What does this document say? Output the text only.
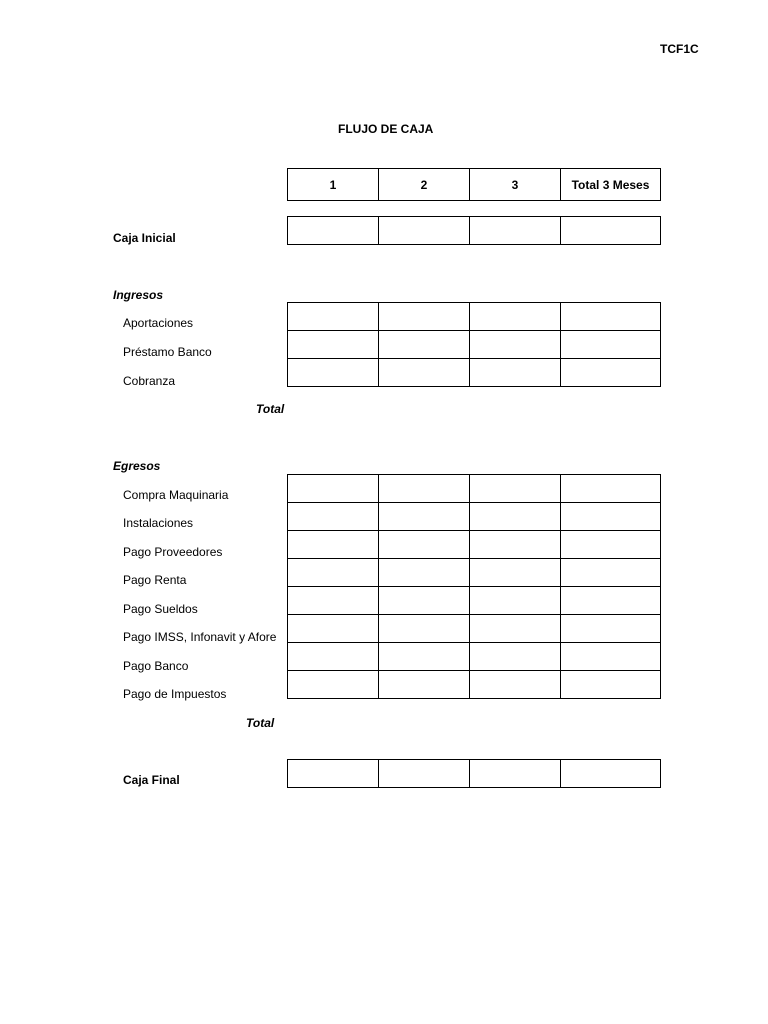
TCF1C
FLUJO DE CAJA
1	2	3	Total 3 Meses
Caja Inicial

Ingresos
Aportaciones
Préstamo Banco
Cobranza

Total
Egresos
Compra Maquinaria
Instalaciones
Pago Proveedores
Pago Renta
Pago Sueldos
Pago IMSS, Infonavit y Afore
Pago Banco
Pago de Impuestos

Total
Caja Final
